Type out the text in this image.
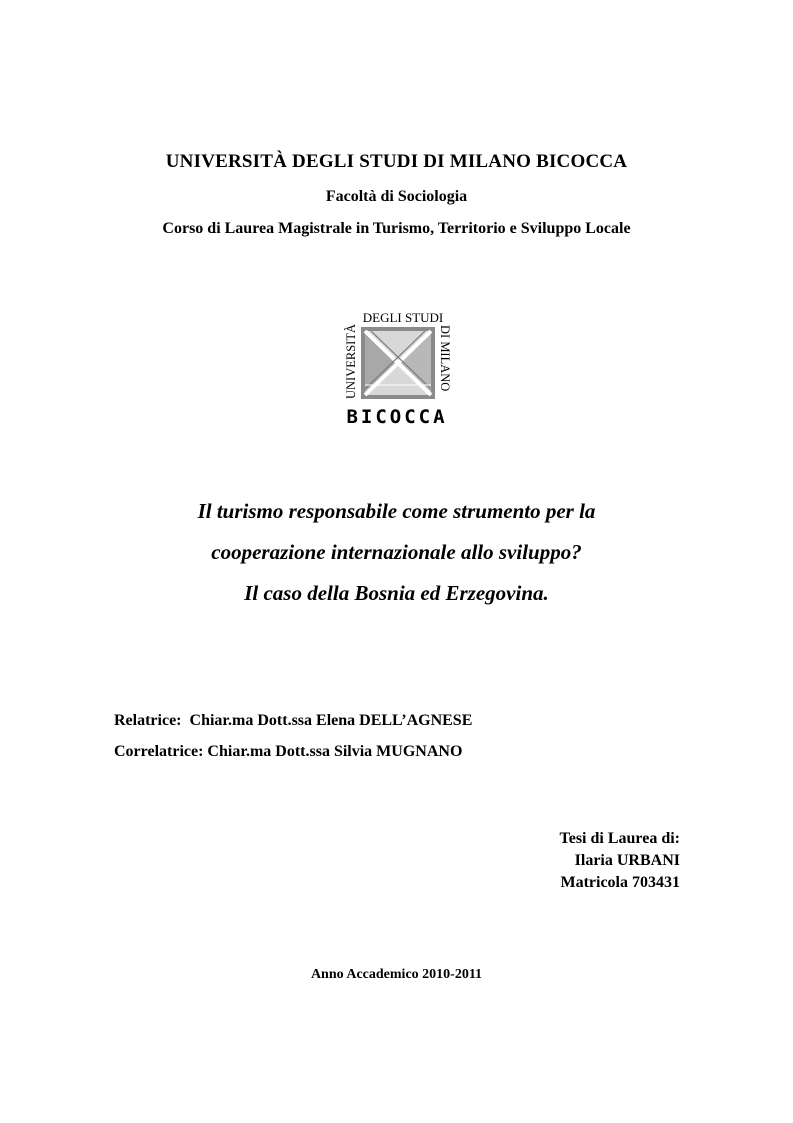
UNIVERSITÀ DEGLI STUDI DI MILANO BICOCCA
Facoltà di Sociologia
Corso di Laurea Magistrale in Turismo, Territorio e Sviluppo Locale
DEGLI STUDI
UNIVERSITÀ	DI MILANO
BICOCCA
Il turismo responsabile come strumento per la
cooperazione internazionale allo sviluppo?
Il caso della Bosnia ed Erzegovina.
Relatrice:  Chiar.ma Dott.ssa Elena DELL’AGNESE
Correlatrice: Chiar.ma Dott.ssa Silvia MUGNANO
Tesi di Laurea di:
Ilaria URBANI
Matricola 703431
Anno Accademico 2010-2011
